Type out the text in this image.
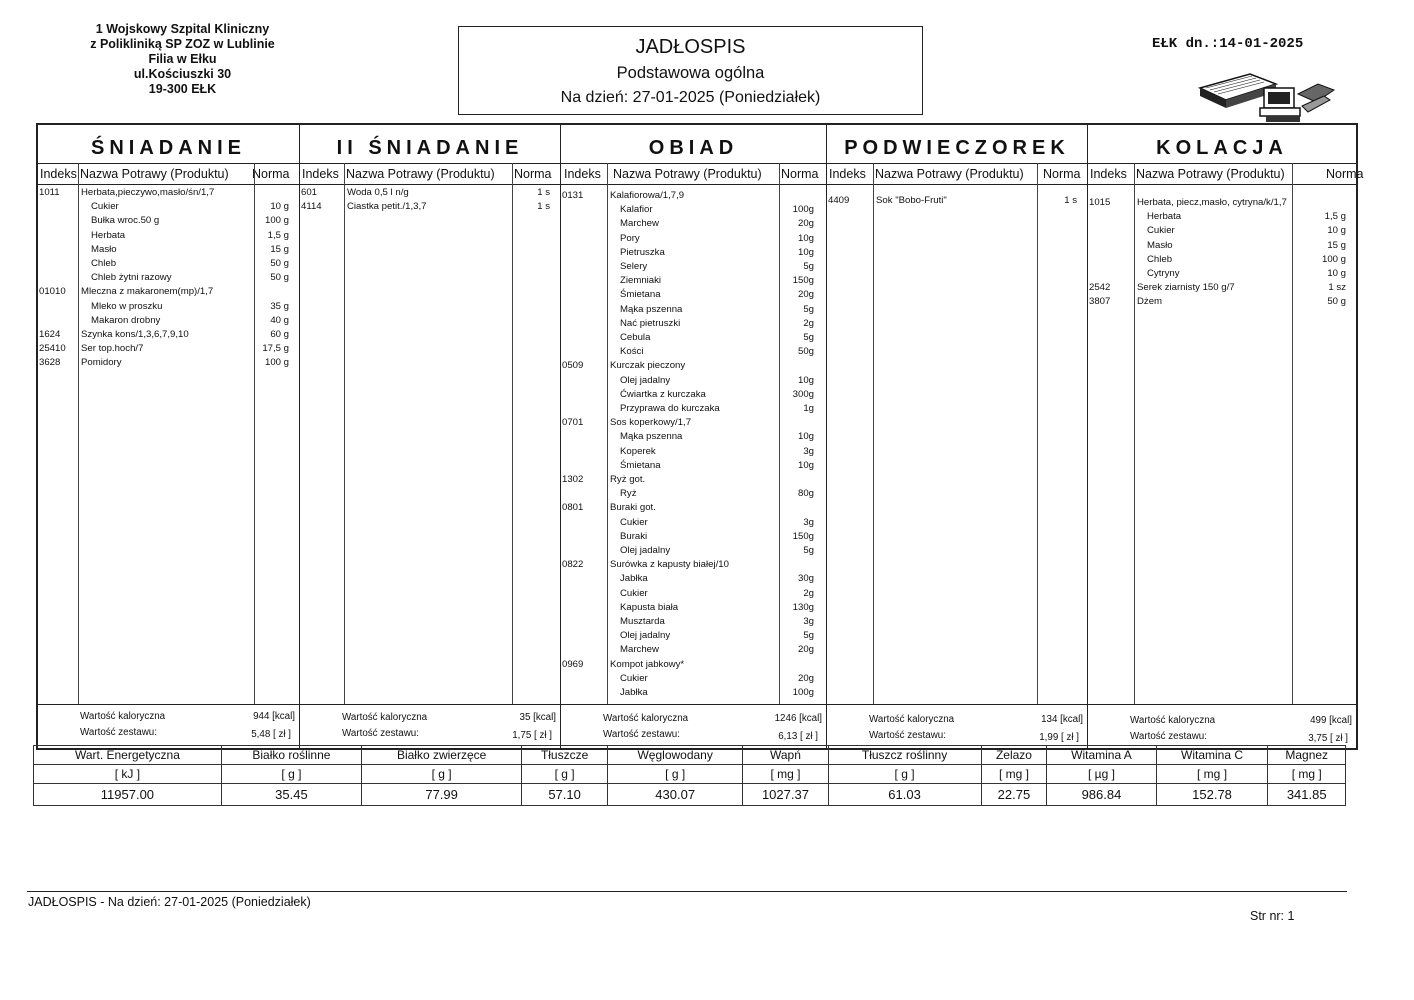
1 Wojskowy Szpital Kliniczny
z Polikliniką SP ZOZ w Lublinie
Filia w Ełku
ul.Kościuszki 30
19-300 EŁK
JADŁOSPIS
Podstawowa ogólna
Na dzień: 27-01-2025 (Poniedziałek)
EŁK dn.:14-01-2025
ŚNIADANIE
Indeks Nazwa Potrawy (Produktu) Norma
1011 Herbata,pieczywo,masło/śn/1,7
Cukier	10 g
Bułka wroc.50 g	100 g
Herbata	1,5 g
Masło	15 g
Chleb	50 g
Chleb żytni razowy	50 g
01010 Mleczna z makaronem(mp)/1,7
Mleko w proszku	35 g
Makaron drobny	40 g
1624 Szynka kons/1,3,6,7,9,10	60 g
25410 Ser top.hoch/7	17,5 g
3628 Pomidory	100 g
Wartość kaloryczna	944 [kcal]
Wartość zestawu:	5,48 [ zł ]
II ŚNIADANIE
Indeks Nazwa Potrawy (Produktu) Norma
601	Woda 0,5 l n/g	1 s
4114	Ciastka petit./1,3,7	1 s
Wartość kaloryczna	35 [kcal]
Wartość zestawu:	1,75 [ zł ]
OBIAD
Indeks Nazwa Potrawy (Produktu) Norma
0131	Kalafiorowa/1,7,9
Kalafior	100g
Marchew	20g
Pory	10g
Pietruszka	10g
Selery	5g
Ziemniaki	150g
Śmietana	20g
Mąka pszenna	5g
Nać pietruszki	2g
Cebula	5g
Kości	50g
0509	Kurczak pieczony
Olej jadalny	10g
Ćwiartka z kurczaka	300g
Przyprawa do kurczaka	1g
0701	Sos koperkowy/1,7
Mąka pszenna	10g
Koperek	3g
Śmietana	10g
1302	Ryż got.
Ryż	80g
0801	Buraki got.
Cukier	3g
Buraki	150g
Olej jadalny	5g
0822	Surówka z kapusty białej/10
Jabłka	30g
Cukier	2g
Kapusta biała	130g
Musztarda	3g
Olej jadalny	5g
Marchew	20g
0969	Kompot jabkowy*
Cukier	20g
Jabłka	100g
Wartość kaloryczna	1246 [kcal]
Wartość zestawu:	6,13 [ zł ]
PODWIECZOREK
Indeks Nazwa Potrawy (Produktu) Norma
4409	Sok "Bobo-Fruti"	1 s
Wartość kaloryczna	134 [kcal]
Wartość zestawu:	1,99 [ zł ]
KOLACJA
Indeks Nazwa Potrawy (Produktu)	Norma
1015	Herbata, piecz,masło, cytryna/k/1,7
Herbata	1,5 g
Cukier	10 g
Masło	15 g
Chleb	100 g
Cytryny	10 g
2542	Serek ziarnisty 150 g/7	1 sz
3807	Dżem	50 g
Wartość kaloryczna	499 [kcal]
Wartość zestawu:	3,75 [ zł ]
Wart. Energetyczna	Białko roślinne	Białko zwierzęce	Tłuszcze	Węglowodany	Wapń	Tłuszcz roślinny	Żelazo	Witamina A	Witamina C	Magnez
[ kJ ]	[ g ]	[ g ]	[ g ]	[ g ]	[ mg ]	[ g ]	[ mg ]	[ µg ]	[ mg ]	[ mg ]
11957.00	35.45	77.99	57.10	430.07	1027.37	61.03	22.75	986.84	152.78	341.85
JADŁOSPIS - Na dzień: 27-01-2025 (Poniedziałek)
Str nr: 1
